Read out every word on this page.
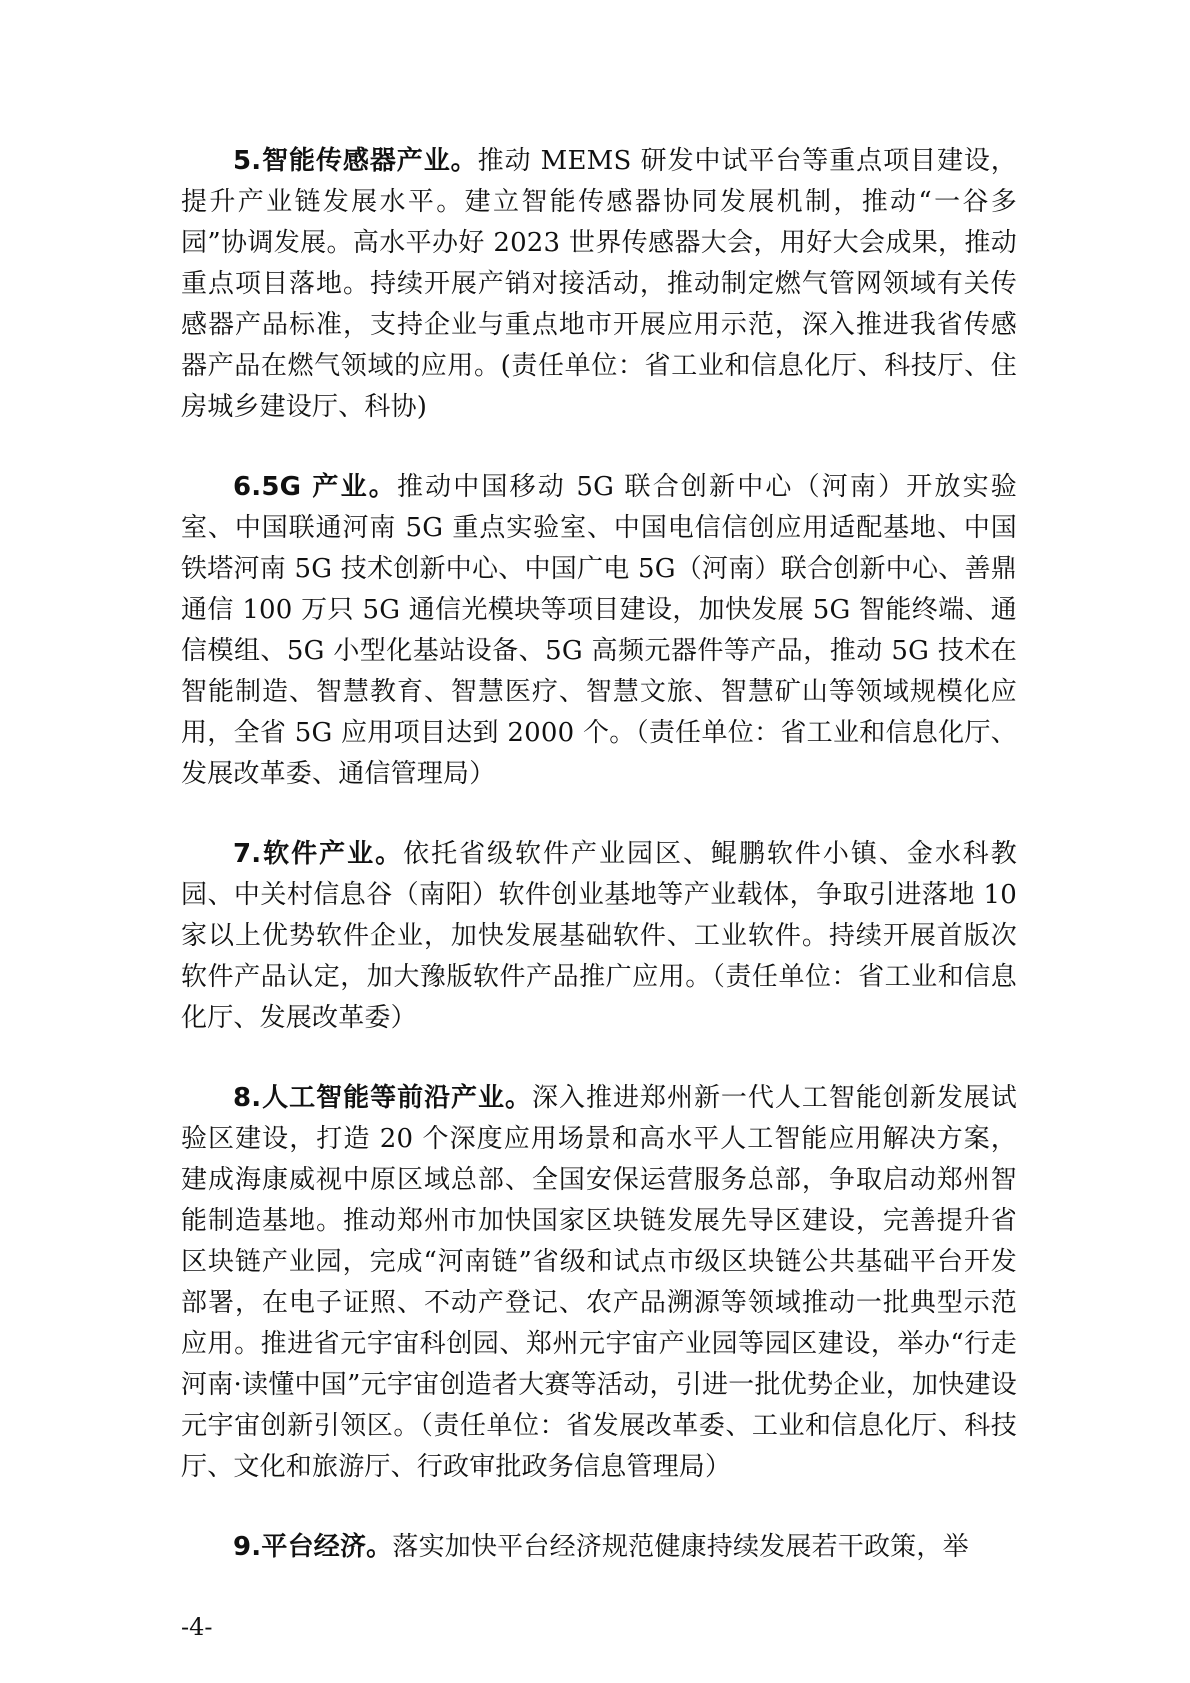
5.智能传感器产业。推动 MEMS 研发中试平台等重点项目建设，提升产业链发展水平。建立智能传感器协同发展机制，推动“一谷多园”协调发展。高水平办好 2023 世界传感器大会，用好大会成果，推动重点项目落地。持续开展产销对接活动，推动制定燃气管网领域有关传感器产品标准，支持企业与重点地市开展应用示范，深入推进我省传感器产品在燃气领域的应用。(责任单位：省工业和信息化厅、科技厅、住房城乡建设厅、科协)

6.5G 产业。推动中国移动 5G 联合创新中心（河南）开放实验室、中国联通河南 5G 重点实验室、中国电信信创应用适配基地、中国铁塔河南 5G 技术创新中心、中国广电 5G（河南）联合创新中心、善鼎通信 100 万只 5G 通信光模块等项目建设，加快发展 5G 智能终端、通信模组、5G 小型化基站设备、5G 高频元器件等产品，推动 5G 技术在智能制造、智慧教育、智慧医疗、智慧文旅、智慧矿山等领域规模化应用，全省 5G 应用项目达到 2000 个。（责任单位：省工业和信息化厅、发展改革委、通信管理局）

7.软件产业。依托省级软件产业园区、鲲鹏软件小镇、金水科教园、中关村信息谷（南阳）软件创业基地等产业载体，争取引进落地 10 家以上优势软件企业，加快发展基础软件、工业软件。持续开展首版次软件产品认定，加大豫版软件产品推广应用。（责任单位：省工业和信息化厅、发展改革委）

8.人工智能等前沿产业。深入推进郑州新一代人工智能创新发展试验区建设，打造 20 个深度应用场景和高水平人工智能应用解决方案，建成海康威视中原区域总部、全国安保运营服务总部，争取启动郑州智能制造基地。推动郑州市加快国家区块链发展先导区建设，完善提升省区块链产业园，完成“河南链”省级和试点市级区块链公共基础平台开发部署，在电子证照、不动产登记、农产品溯源等领域推动一批典型示范应用。推进省元宇宙科创园、郑州元宇宙产业园等园区建设，举办“行走河南·读懂中国”元宇宙创造者大赛等活动，引进一批优势企业，加快建设元宇宙创新引领区。（责任单位：省发展改革委、工业和信息化厅、科技厅、文化和旅游厅、行政审批政务信息管理局）

9.平台经济。落实加快平台经济规范健康持续发展若干政策，举

-4-
